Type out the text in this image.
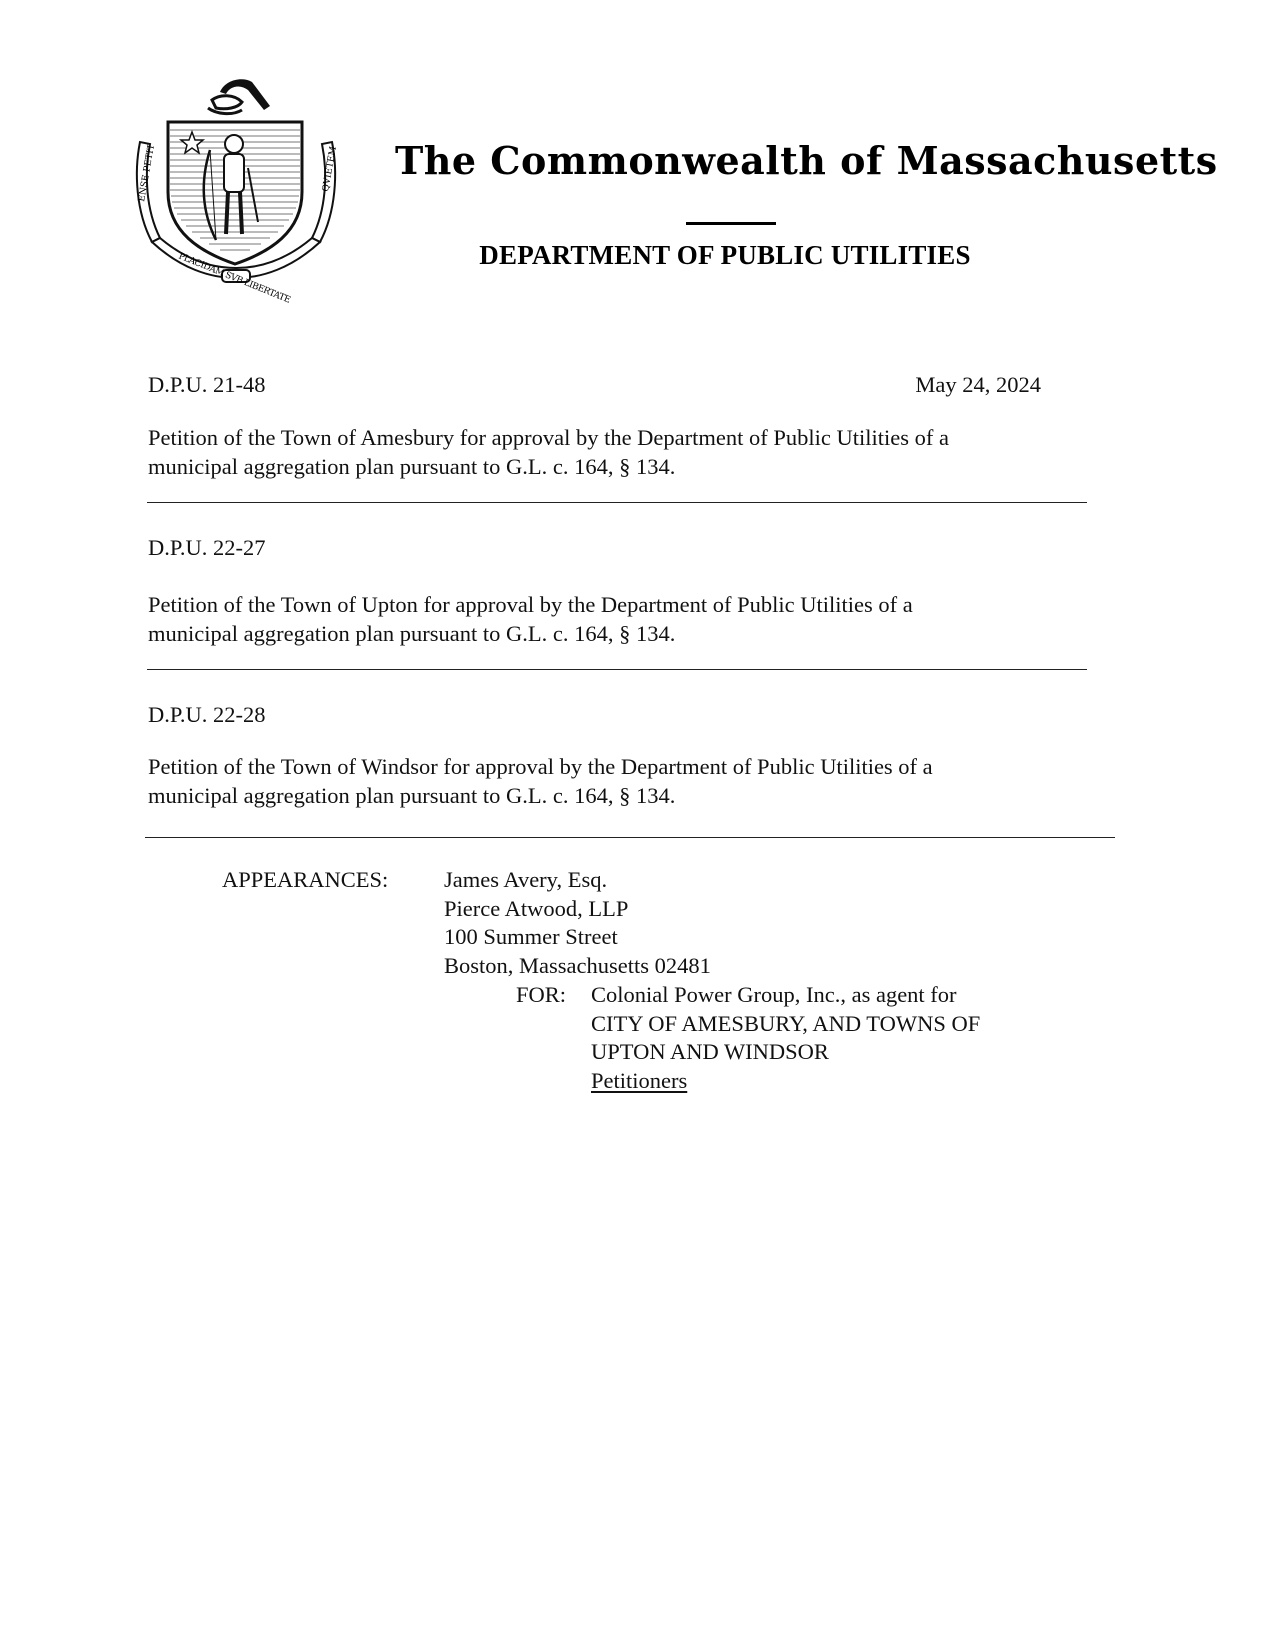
ENSE PETIT
PLACIDAM SVB LIBERTATE
QVIETEM The Commonwealth of Massachusetts
DEPARTMENT OF PUBLIC UTILITIES
D.P.U. 21-48	May 24, 2024
Petition of the Town of Amesbury for approval by the Department of Public Utilities of a
municipal aggregation plan pursuant to G.L. c. 164, § 134.
D.P.U. 22-27
Petition of the Town of Upton for approval by the Department of Public Utilities of a
municipal aggregation plan pursuant to G.L. c. 164, § 134.
D.P.U. 22-28
Petition of the Town of Windsor for approval by the Department of Public Utilities of a
municipal aggregation plan pursuant to G.L. c. 164, § 134.
APPEARANCES: James Avery, Esq.
Pierce Atwood, LLP
100 Summer Street
Boston, Massachusetts 02481
FOR: Colonial Power Group, Inc., as agent for
CITY OF AMESBURY, AND TOWNS OF
UPTON AND WINDSOR
Petitioners
